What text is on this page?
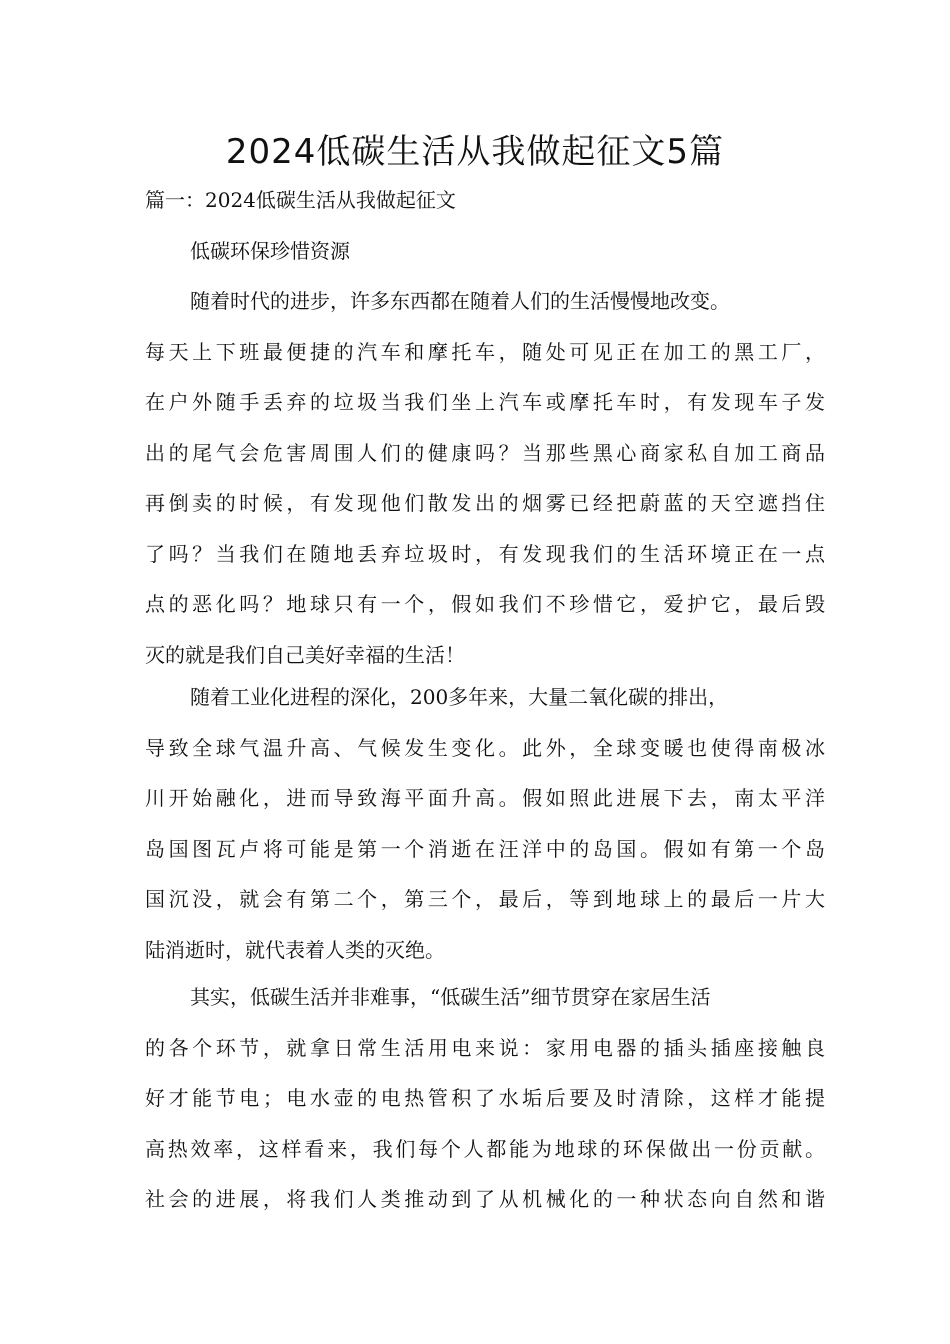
2024低碳生活从我做起征文5篇
篇一：2024低碳生活从我做起征文
低碳环保珍惜资源
随着时代的进步，许多东西都在随着人们的生活慢慢地改变。
每天上下班最便捷的汽车和摩托车，随处可见正在加工的黑工厂，
在户外随手丢弃的垃圾当我们坐上汽车或摩托车时，有发现车子发
出的尾气会危害周围人们的健康吗？当那些黑心商家私自加工商品
再倒卖的时候，有发现他们散发出的烟雾已经把蔚蓝的天空遮挡住
了吗？当我们在随地丢弃垃圾时，有发现我们的生活环境正在一点
点的恶化吗？地球只有一个，假如我们不珍惜它，爱护它，最后毁
灭的就是我们自己美好幸福的生活！
随着工业化进程的深化，200多年来，大量二氧化碳的排出，
导致全球气温升高、气候发生变化。此外，全球变暖也使得南极冰
川开始融化，进而导致海平面升高。假如照此进展下去，南太平洋
岛国图瓦卢将可能是第一个消逝在汪洋中的岛国。假如有第一个岛
国沉没，就会有第二个，第三个，最后，等到地球上的最后一片大
陆消逝时，就代表着人类的灭绝。
其实，低碳生活并非难事，“低碳生活”细节贯穿在家居生活
的各个环节，就拿日常生活用电来说：家用电器的插头插座接触良
好才能节电；电水壶的电热管积了水垢后要及时清除，这样才能提
高热效率，这样看来，我们每个人都能为地球的环保做出一份贡献。
社会的进展，将我们人类推动到了从机械化的一种状态向自然和谐
